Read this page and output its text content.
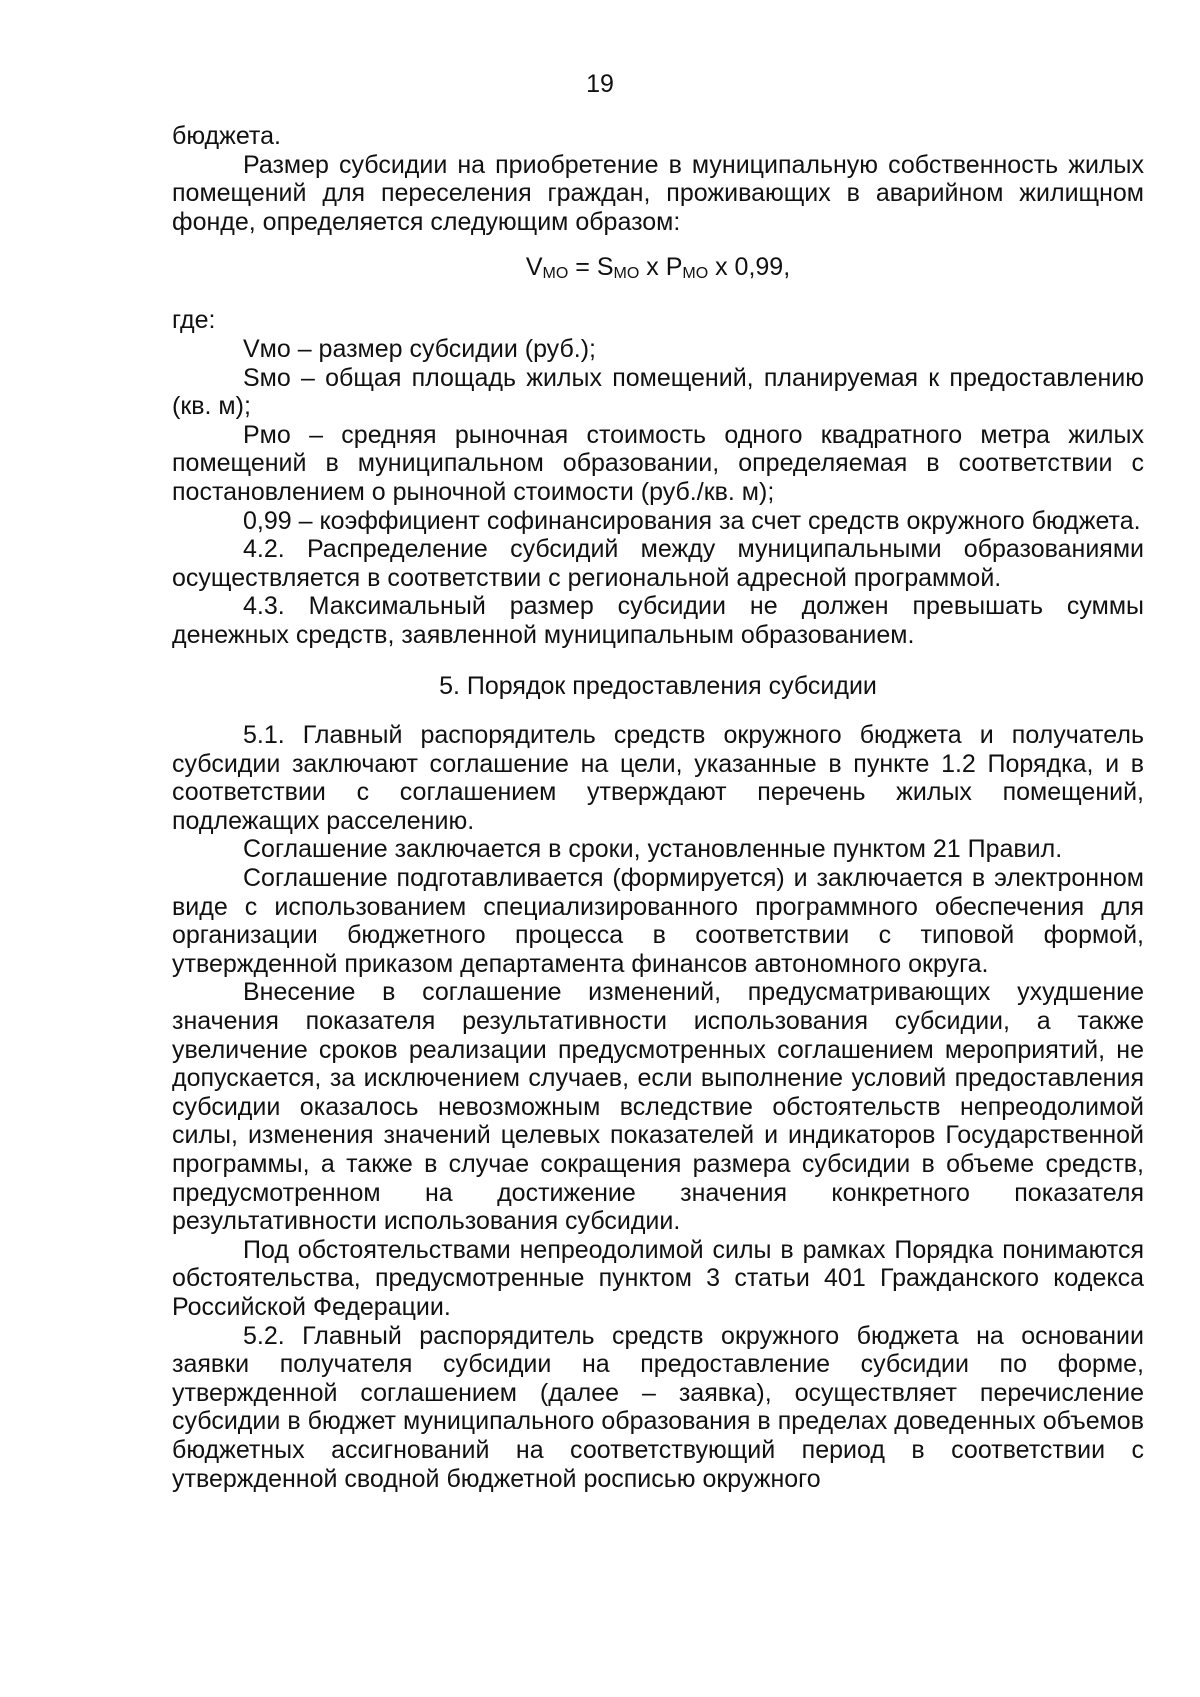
19

бюджета.

Размер субсидии на приобретение в муниципальную собственность жилых помещений для переселения граждан, проживающих в аварийном жилищном фонде, определяется следующим образом:

$V_{МО} = S_{МО}$ х $P_{МО}$ х 0,99,

где:

Vмо – размер субсидии (руб.);

Sмо – общая площадь жилых помещений, планируемая к предоставлению (кв. м);

Рмо – средняя рыночная стоимость одного квадратного метра жилых помещений в муниципальном образовании, определяемая в соответствии с постановлением о рыночной стоимости (руб./кв. м);

0,99 – коэффициент софинансирования за счет средств окружного бюджета.

4.2. Распределение субсидий между муниципальными образованиями осуществляется в соответствии с региональной адресной программой.

4.3. Максимальный размер субсидии не должен превышать суммы денежных средств, заявленной муниципальным образованием.

5. Порядок предоставления субсидии

5.1. Главный распорядитель средств окружного бюджета и получатель субсидии заключают соглашение на цели, указанные в пункте 1.2 Порядка, и в соответствии с соглашением утверждают перечень жилых помещений, подлежащих расселению.

Соглашение заключается в сроки, установленные пунктом 21 Правил.

Соглашение подготавливается (формируется) и заключается в электронном виде с использованием специализированного программного обеспечения для организации бюджетного процесса в соответствии с типовой формой, утвержденной приказом департамента финансов автономного округа.

Внесение в соглашение изменений, предусматривающих ухудшение значения показателя результативности использования субсидии, а также увеличение сроков реализации предусмотренных соглашением мероприятий, не допускается, за исключением случаев, если выполнение условий предоставления субсидии оказалось невозможным вследствие обстоятельств непреодолимой силы, изменения значений целевых показателей и индикаторов Государственной программы, а также в случае сокращения размера субсидии в объеме средств, предусмотренном на достижение значения конкретного показателя результативности использования субсидии.

Под обстоятельствами непреодолимой силы в рамках Порядка понимаются обстоятельства, предусмотренные пунктом 3 статьи 401 Гражданского кодекса Российской Федерации.

5.2. Главный распорядитель средств окружного бюджета на основании заявки получателя субсидии на предоставление субсидии по форме, утвержденной соглашением (далее – заявка), осуществляет перечисление субсидии в бюджет муниципального образования в пределах доведенных объемов бюджетных ассигнований на соответствующий период в соответствии с утвержденной сводной бюджетной росписью окружного
